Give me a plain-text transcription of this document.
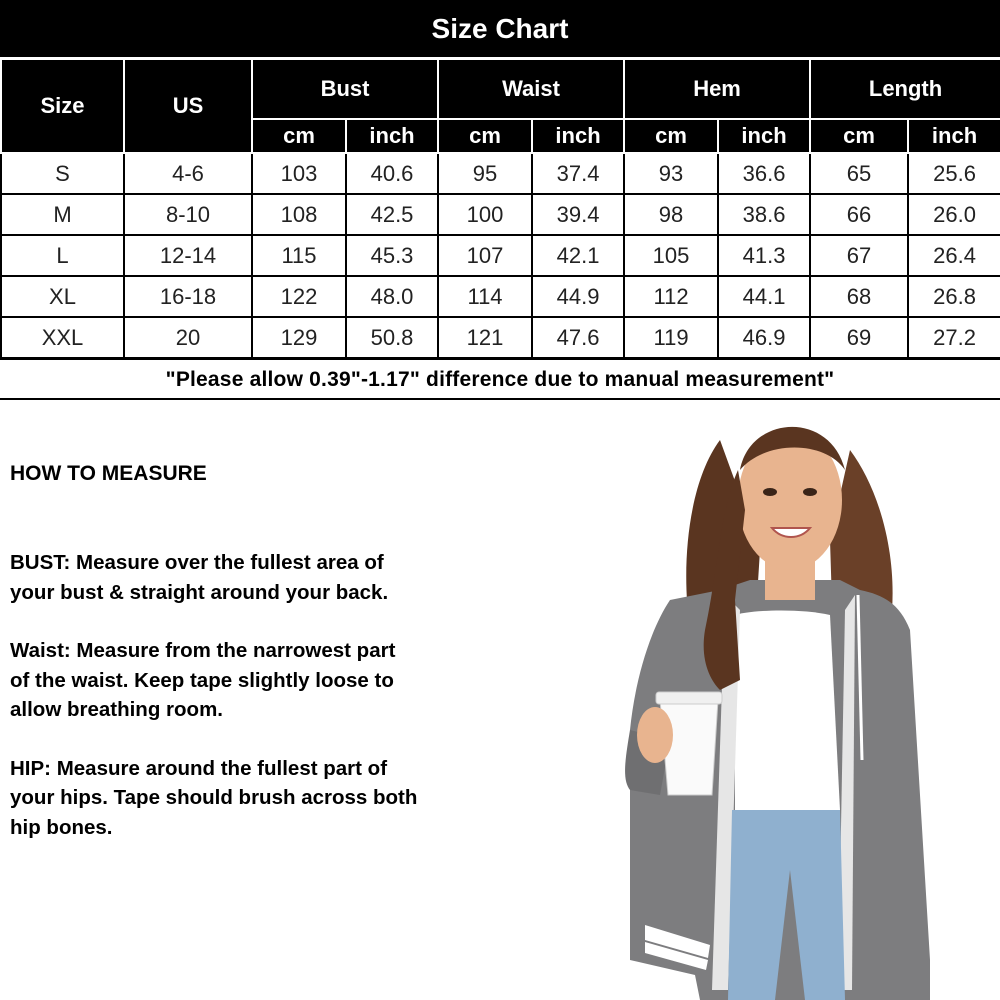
Size Chart
Size	US	Bust		Waist		Hem		Length	
		cm	inch	cm	inch	cm	inch	cm	inch
S	4-6	103	40.6	95	37.4	93	36.6	65	25.6
M	8-10	108	42.5	100	39.4	98	38.6	66	26.0
L	12-14	115	45.3	107	42.1	105	41.3	67	26.4
XL	16-18	122	48.0	114	44.9	112	44.1	68	26.8
XXL	20	129	50.8	121	47.6	119	46.9	69	27.2
"Please allow 0.39"-1.17" difference due to manual measurement"
HOW TO MEASURE

BUST: Measure over the fullest area of
your bust & straight around your back.

Waist: Measure from the narrowest part
of the waist. Keep tape slightly loose to
allow breathing room.

HIP: Measure around the fullest part of
your hips. Tape should brush across both
hip bones.
